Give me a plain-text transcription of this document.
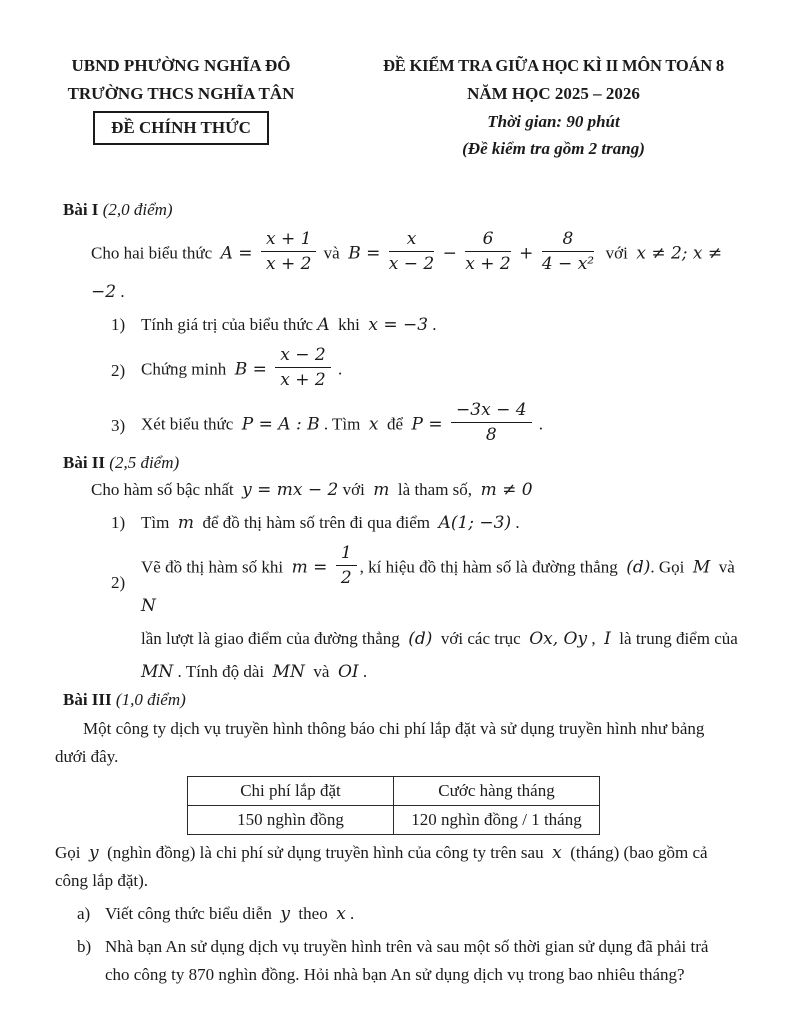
UBND PHƯỜNG NGHĨA ĐÔ
TRƯỜNG THCS NGHĨA TÂN
ĐỀ CHÍNH THỨC
ĐỀ KIỂM TRA GIỮA HỌC KÌ II MÔN TOÁN 8
NĂM HỌC 2025 – 2026
Thời gian: 90 phút
(Đề kiểm tra gồm 2 trang)
Bài I (2,0 điểm)
Cho hai biểu thức  $A = \frac{x + 1}{x + 2}$ và  $B = \frac{x}{x - 2} - \frac{6}{x + 2} + \frac{8}{\text{4 − x²}}$ với  x ≠ 2; x ≠ −2 .
1) Tính giá trị của biểu thức A  khi  x = −3 .
2) Chứng minh  $B = \frac{x - 2}{x + 2}$ .
3) Xét biểu thức  P = A : B . Tìm  x  để  $P = \frac{-3x - 4}{8}$ .
Bài II (2,5 điểm)
Cho hàm số bậc nhất  y = mx − 2 với  m  là tham số,  m ≠ 0
1) Tìm  m  để đồ thị hàm số trên đi qua điểm  A(1; −3) .
2)
Vẽ đồ thị hàm số khi  $m = \frac{1}{2}$ , kí hiệu đồ thị hàm số là đường thẳng  (d). Gọi  M  và  N
lần lượt là giao điểm của đường thẳng  (d)  với các trục  Ox, Oy ,  I  là trung điểm của
MN . Tính độ dài  MN  và  OI .
Bài III (1,0 điểm)
Một công ty dịch vụ truyền hình thông báo chi phí lắp đặt và sử dụng truyền hình như bảng
dưới đây.
Chi phí lắp đặt	Cước hàng tháng
150 nghìn đồng	120 nghìn đồng / 1 tháng
Gọi  y  (nghìn đồng) là chi phí sử dụng truyền hình của công ty trên sau  x  (tháng) (bao gồm cả
công lắp đặt).
a) Viết công thức biểu diễn  y  theo  x .
b) Nhà bạn An sử dụng dịch vụ truyền hình trên và sau một số thời gian sử dụng đã phải trả
cho công ty 870 nghìn đồng. Hỏi nhà bạn An sử dụng dịch vụ trong bao nhiêu tháng?
